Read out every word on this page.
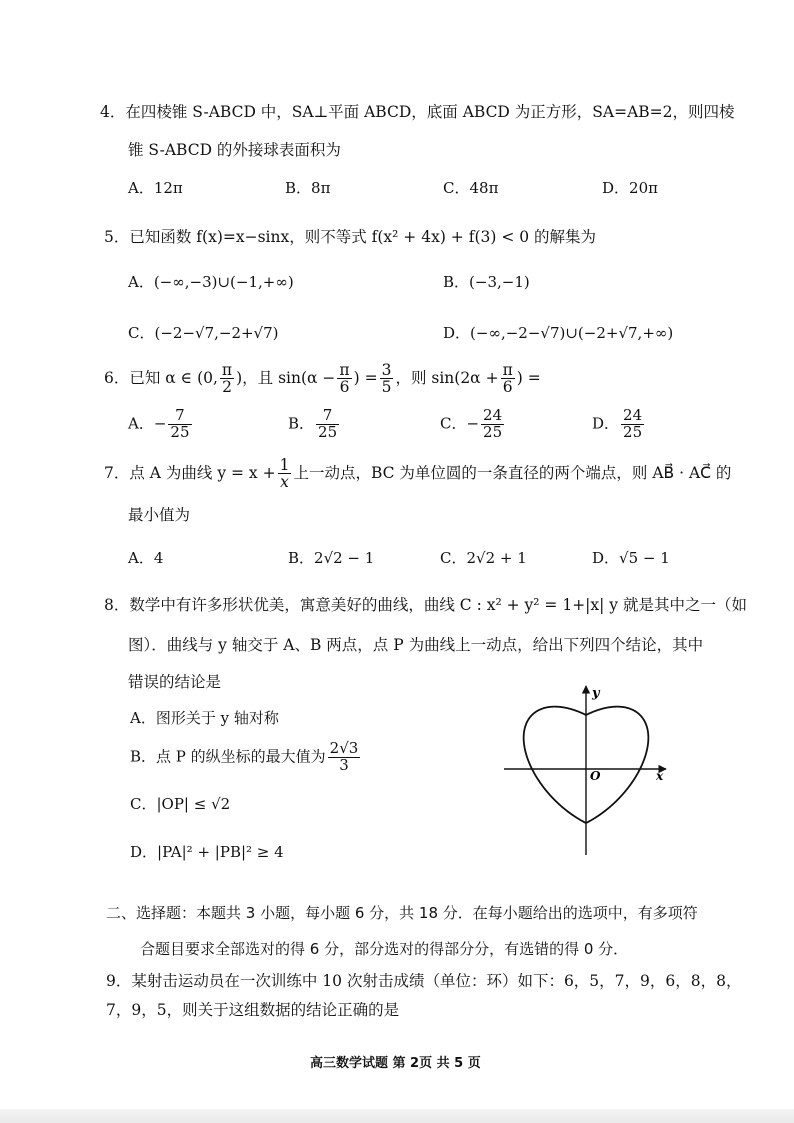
4．在四棱锥 S-ABCD 中，SA⊥平面 ABCD，底面 ABCD 为正方形，SA=AB=2，则四棱
锥 S-ABCD 的外接球表面积为
A．12π	B．8π	C．48π	D．20π
5．已知函数 f(x)=x−sinx，则不等式 f(x² + 4x) + f(3) < 0 的解集为
A．(−∞,−3)∪(−1,+∞)	B．(−3,−1)
C．(−2−√7,−2+√7)	D．(−∞,−2−√7)∪(−2+√7,+∞)
6．已知 α ∈ (0, $\frac{\pi}{2}$ )，且 $\sin(\alpha - \frac{\pi}{6}$ ) = $\frac{3}{5}$ ，则 $\sin(2\alpha + \frac{\pi}{6}$ ) =
A．− $\frac{7}{25}$	B． $\frac{7}{25}$	C．− $\frac{24}{25}$	D． $\frac{24}{25}$
7．点 A 为曲线 $y = x + \frac{1}{x}$ 上一动点，BC 为单位圆的一条直径的两个端点，则 AB⃗ · AC⃗ 的
最小值为
A．4	B．2√2 − 1	C．2√2 + 1	D．√5 − 1
8．数学中有许多形状优美，寓意美好的曲线，曲线 C : x² + y² = 1+|x| y 就是其中之一（如
图）．曲线与 y 轴交于 A、B 两点，点 P 为曲线上一动点，给出下列四个结论，其中
错误的结论是
A．图形关于 y 轴对称
B．点 P 的纵坐标的最大值为 $\frac{2√3}{3}$
C．|OP| ≤ √2
D．|PA|² + |PB|² ≥ 4
y
x
O
二、选择题：本题共 3 小题，每小题 6 分，共 18 分．在每小题给出的选项中，有多项符
合题目要求全部选对的得 6 分，部分选对的得部分分，有选错的得 0 分．
9．某射击运动员在一次训练中 10 次射击成绩（单位：环）如下：6，5，7，9，6，8，8，
7，9，5，则关于这组数据的结论正确的是
高三数学试题 第 2页 共 5 页
